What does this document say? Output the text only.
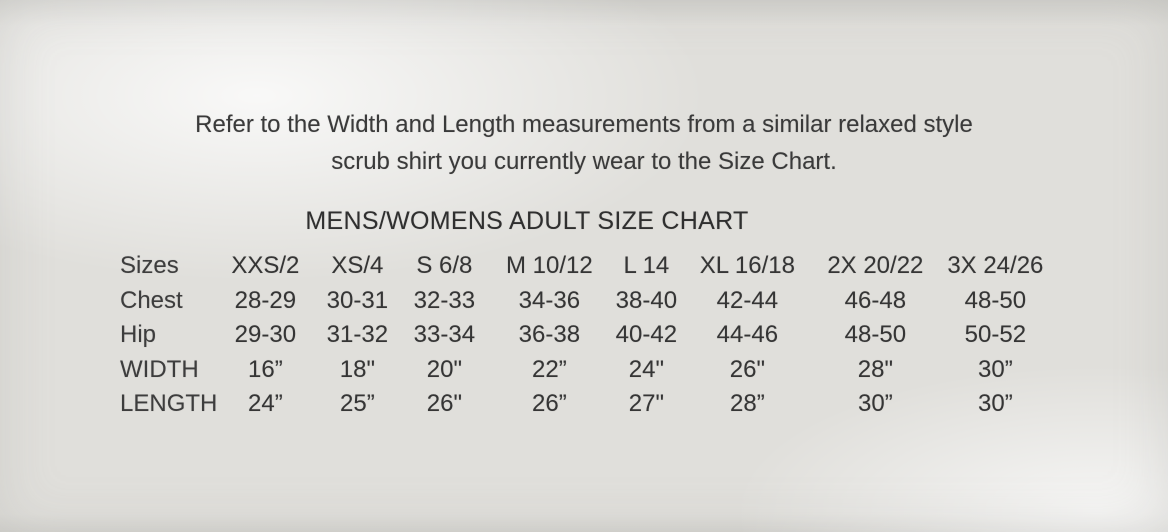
Refer to the Width and Length measurements from a similar relaxed style
scrub shirt you currently wear to the Size Chart.
MENS/WOMENS ADULT SIZE CHART
Sizes	XXS/2	XS/4	S 6/8	M 10/12	L 14	XL 16/18	2X 20/22	3X 24/26
Chest	28-29	30-31	32-33	34-36	38-40	42-44	46-48	48-50
Hip	29-30	31-32	33-34	36-38	40-42	44-46	48-50	50-52
WIDTH	16”	18"	20"	22”	24"	26"	28"	30”
LENGTH	24”	25”	26"	26”	27"	28”	30”	30”
